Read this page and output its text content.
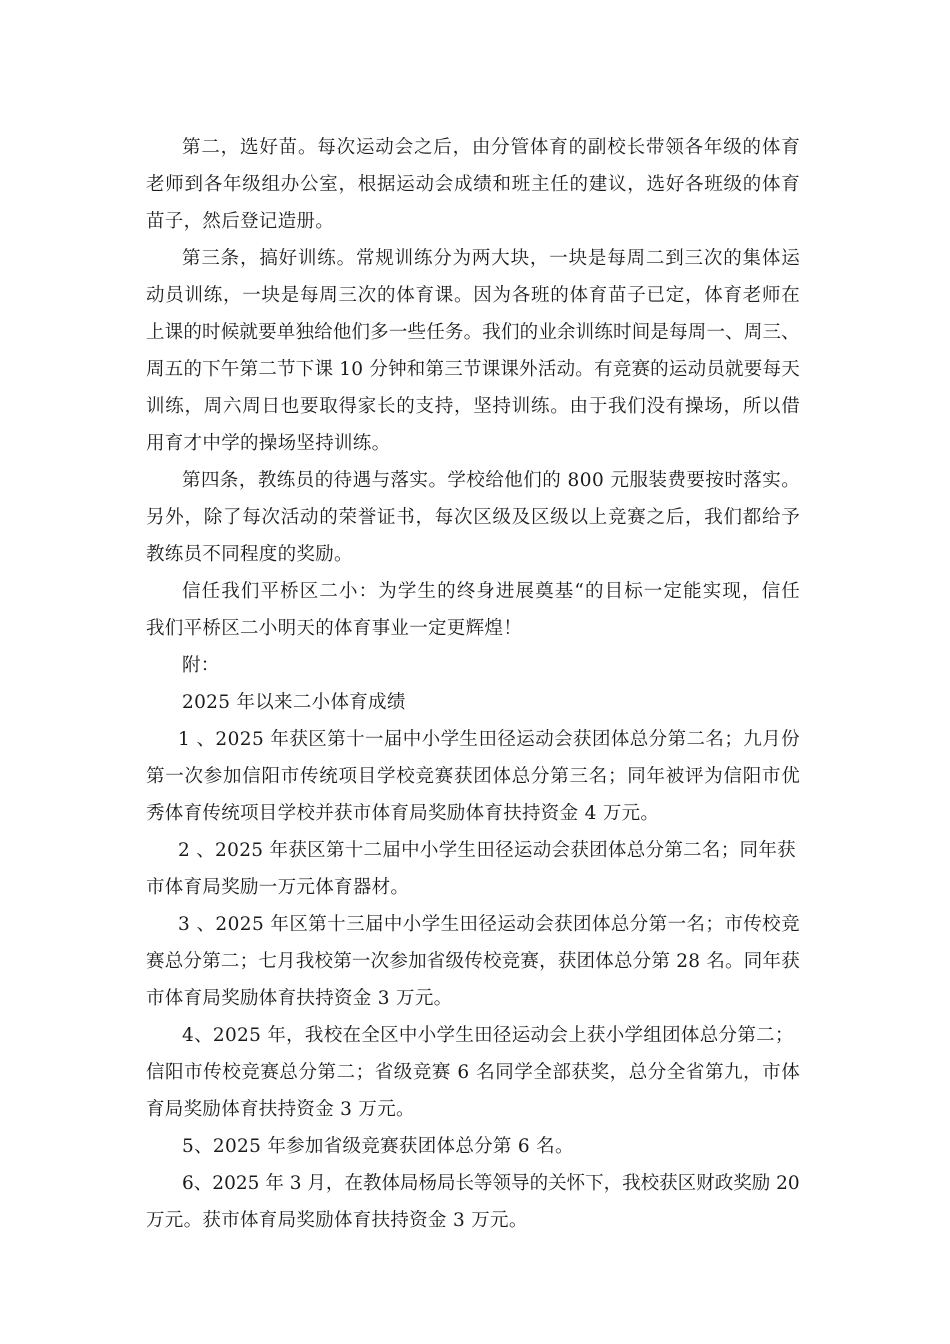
第二，选好苗。每次运动会之后，由分管体育的副校长带领各年级的体育
老师到各年级组办公室，根据运动会成绩和班主任的建议，选好各班级的体育
苗子，然后登记造册。
第三条，搞好训练。常规训练分为两大块，一块是每周二到三次的集体运
动员训练，一块是每周三次的体育课。因为各班的体育苗子已定，体育老师在
上课的时候就要单独给他们多一些任务。我们的业余训练时间是每周一、周三、
周五的下午第二节下课 10 分钟和第三节课课外活动。有竞赛的运动员就要每天
训练，周六周日也要取得家长的支持，坚持训练。由于我们没有操场，所以借
用育才中学的操场坚持训练。
第四条，教练员的待遇与落实。学校给他们的 800 元服装费要按时落实。
另外，除了每次活动的荣誉证书，每次区级及区级以上竞赛之后，我们都给予
教练员不同程度的奖励。
信任我们平桥区二小：为学生的终身进展奠基“的目标一定能实现，信任
我们平桥区二小明天的体育事业一定更辉煌！
附：
2025 年以来二小体育成绩
1 、2025 年获区第十一届中小学生田径运动会获团体总分第二名；九月份
第一次参加信阳市传统项目学校竞赛获团体总分第三名；同年被评为信阳市优
秀体育传统项目学校并获市体育局奖励体育扶持资金 4 万元。
2 、2025 年获区第十二届中小学生田径运动会获团体总分第二名；同年获
市体育局奖励一万元体育器材。
3 、2025 年区第十三届中小学生田径运动会获团体总分第一名；市传校竞
赛总分第二；七月我校第一次参加省级传校竞赛，获团体总分第 28 名。同年获
市体育局奖励体育扶持资金 3 万元。
4、2025 年，我校在全区中小学生田径运动会上获小学组团体总分第二；
信阳市传校竞赛总分第二；省级竞赛 6 名同学全部获奖，总分全省第九，市体
育局奖励体育扶持资金 3 万元。
5、2025 年参加省级竞赛获团体总分第 6 名。
6、2025 年 3 月，在教体局杨局长等领导的关怀下，我校获区财政奖励 20
万元。获市体育局奖励体育扶持资金 3 万元。
